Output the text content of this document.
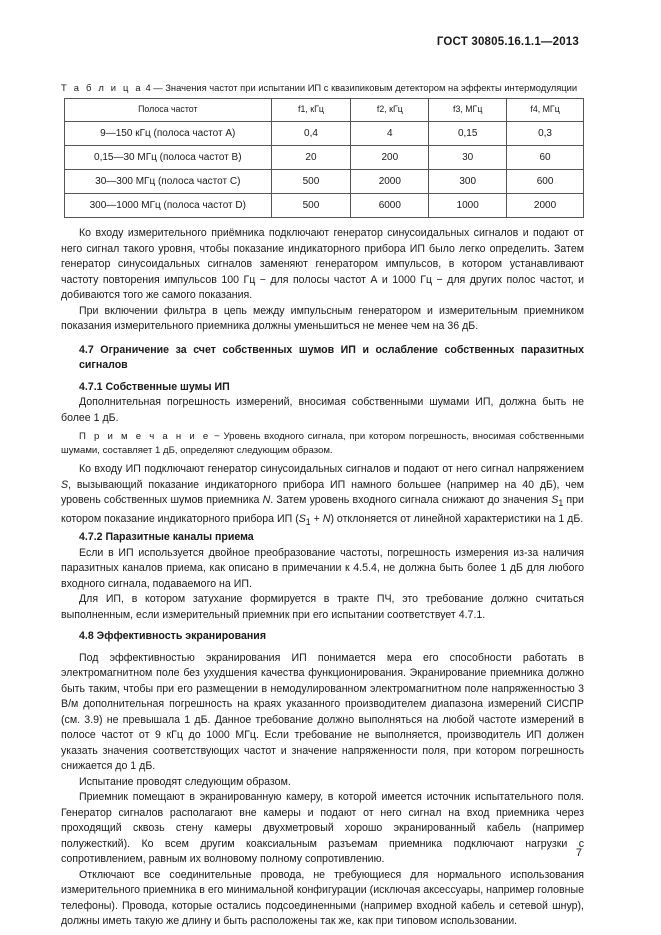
ГОСТ 30805.16.1.1—2013
Т а б л и ц а 4 — Значения частот при испытании ИП с квазипиковым детектором на эффекты интермодуляции
Полоса частот	f1, кГц	f2, кГц	f3, МГц	f4, МГц
9—150 кГц (полоса частот А)	0,4	4	0,15	0,3
0,15—30 МГц (полоса частот В)	20	200	30	60
30—300 МГц (полоса частот С)	500	2000	300	600
300—1000 МГц (полоса частот D)	500	6000	1000	2000

Ко входу измерительного приёмника подключают генератор синусоидальных сигналов и подают от него сигнал такого уровня, чтобы показание индикаторного прибора ИП было легко определить. Затем генератор синусоидальных сигналов заменяют генератором импульсов, в котором устанавливают частоту повторения импульсов 100 Гц − для полосы частот А и 1000 Гц − для других полос частот, и добиваются того же самого показания.

При включении фильтра в цепь между импульсным генератором и измерительным приемником показания измерительного приемника должны уменьшиться не менее чем на 36 дБ.

4.7 Ограничение за счет собственных шумов ИП и ослабление собственных паразитных сигналов

4.7.1 Собственные шумы ИП

Дополнительная погрешность измерений, вносимая собственными шумами ИП, должна быть не более 1 дБ.

П р и м е ч а н и е − Уровень входного сигнала, при котором погрешность, вносимая собственными шумами, составляет 1 дБ, определяют следующим образом.

Ко входу ИП подключают генератор синусоидальных сигналов и подают от него сигнал напряжением S, вызывающий показание индикаторного прибора ИП намного большее (например на 40 дБ), чем уровень собственных шумов приемника N. Затем уровень входного сигнала снижают до значения $S_1$ при котором показание индикаторного прибора ИП $(S_1 + N)$ отклоняется от линейной характеристики на 1 дБ.

4.7.2 Паразитные каналы приема

Если в ИП используется двойное преобразование частоты, погрешность измерения из-за наличия паразитных каналов приема, как описано в примечании к 4.5.4, не должна быть более 1 дБ для любого входного сигнала, подаваемого на ИП.

Для ИП, в котором затухание формируется в тракте ПЧ, это требование должно считаться выполненным, если измерительный приемник при его испытании соответствует 4.7.1.

4.8 Эффективность экранирования

Под эффективностью экранирования ИП понимается мера его способности работать в электромагнитном поле без ухудшения качества функционирования. Экранирование приемника должно быть таким, чтобы при его размещении в немодулированном электромагнитном поле напряженностью 3 В/м дополнительная погрешность на краях указанного производителем диапазона измерений СИСПР (см. 3.9) не превышала 1 дБ. Данное требование должно выполняться на любой частоте измерений в полосе частот от 9 кГц до 1000 МГц. Если требование не выполняется, производитель ИП должен указать значения соответствующих частот и значение напряженности поля, при котором погрешность снижается до 1 дБ.

Испытание проводят следующим образом.

Приемник помещают в экранированную камеру, в которой имеется источник испытательного поля. Генератор сигналов располагают вне камеры и подают от него сигнал на вход приемника через проходящий сквозь стену камеры двухметровый хорошо экранированный кабель (например полужесткий). Ко всем другим коаксиальным разъемам приемника подключают нагрузки с сопротивлением, равным их волновому полному сопротивлению.

Отключают все соединительные провода, не требующиеся для нормального использования измерительного приемника в его минимальной конфигурации (исключая аксессуары, например головные телефоны). Провода, которые остались подсоединенными (например входной кабель и сетевой шнур), должны иметь такую же длину и быть расположены так же, как при типовом использовании.

7
